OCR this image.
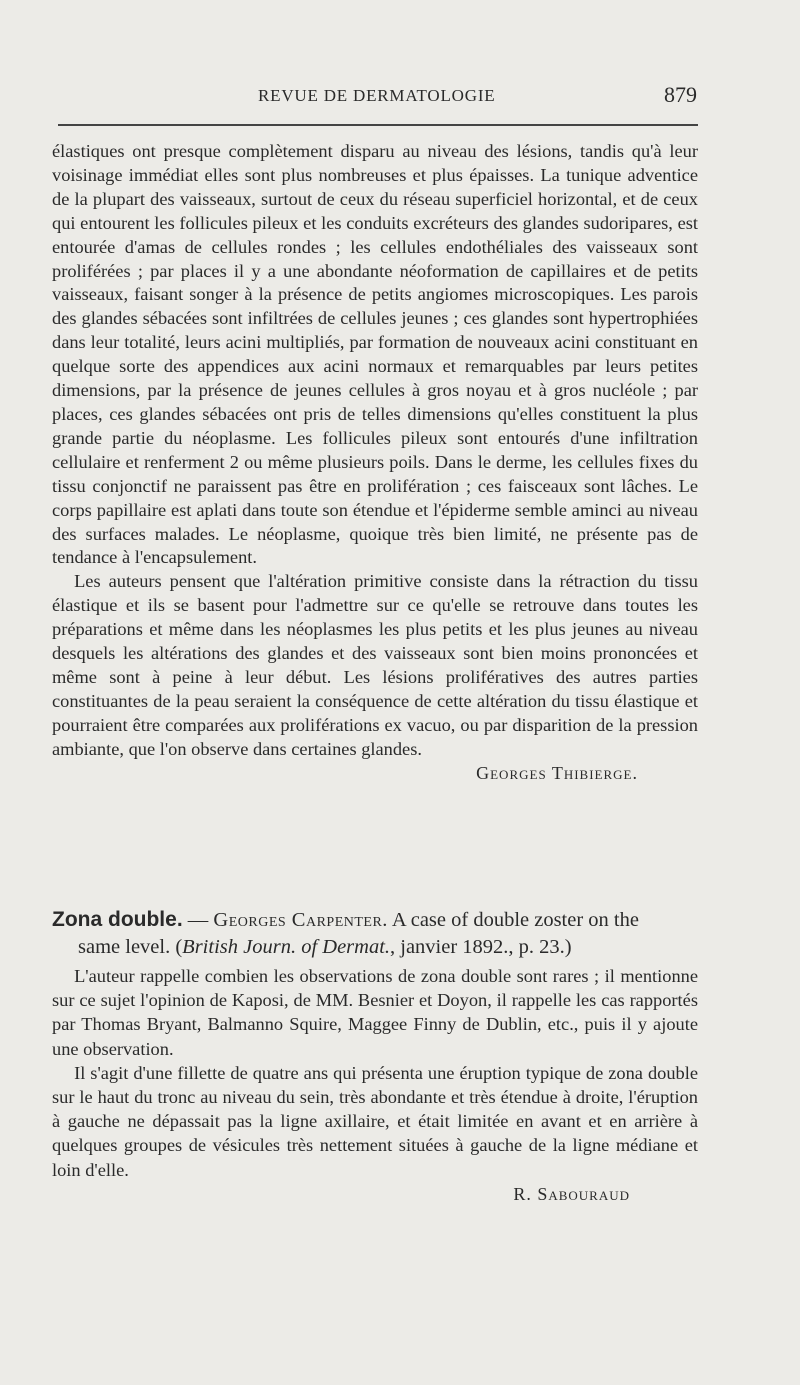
REVUE DE DERMATOLOGIE	879

élastiques ont presque complètement disparu au niveau des lésions, tandis qu'à leur voisinage immédiat elles sont plus nombreuses et plus épaisses. La tunique adventice de la plupart des vaisseaux, surtout de ceux du réseau superficiel horizontal, et de ceux qui entourent les follicules pileux et les conduits excréteurs des glandes sudoripares, est entourée d'amas de cellules rondes ; les cellules endothéliales des vaisseaux sont proliférées ; par places il y a une abondante néoformation de capillaires et de petits vaisseaux, faisant songer à la présence de petits angiomes microscopiques. Les parois des glandes sébacées sont infiltrées de cellules jeunes ; ces glandes sont hypertrophiées dans leur totalité, leurs acini multipliés, par formation de nouveaux acini constituant en quelque sorte des appendices aux acini normaux et remarquables par leurs petites dimensions, par la présence de jeunes cellules à gros noyau et à gros nucléole ; par places, ces glandes sébacées ont pris de telles dimensions qu'elles constituent la plus grande partie du néoplasme. Les follicules pileux sont entourés d'une infiltration cellulaire et renferment 2 ou même plusieurs poils. Dans le derme, les cellules fixes du tissu conjonctif ne paraissent pas être en prolifération ; ces faisceaux sont lâches. Le corps papillaire est aplati dans toute son étendue et l'épiderme semble aminci au niveau des surfaces malades. Le néoplasme, quoique très bien limité, ne présente pas de tendance à l'encapsulement.

Les auteurs pensent que l'altération primitive consiste dans la rétraction du tissu élastique et ils se basent pour l'admettre sur ce qu'elle se retrouve dans toutes les préparations et même dans les néoplasmes les plus petits et les plus jeunes au niveau desquels les altérations des glandes et des vaisseaux sont bien moins prononcées et même sont à peine à leur début. Les lésions prolifératives des autres parties constituantes de la peau seraient la conséquence de cette altération du tissu élastique et pourraient être comparées aux proliférations ex vacuo, ou par disparition de la pression ambiante, que l'on observe dans certaines glandes.

Georges Thibierge.

Zona double. — Georges Carpenter. A case of double zoster on the
same level. (British Journ. of Dermat., janvier 1892., p. 23.)

L'auteur rappelle combien les observations de zona double sont rares ; il mentionne sur ce sujet l'opinion de Kaposi, de MM. Besnier et Doyon, il rappelle les cas rapportés par Thomas Bryant, Balmanno Squire, Maggee Finny de Dublin, etc., puis il y ajoute une observation.

Il s'agit d'une fillette de quatre ans qui présenta une éruption typique de zona double sur le haut du tronc au niveau du sein, très abondante et très étendue à droite, l'éruption à gauche ne dépassait pas la ligne axillaire, et était limitée en avant et en arrière à quelques groupes de vésicules très nettement situées à gauche de la ligne médiane et loin d'elle.

R. Sabouraud
